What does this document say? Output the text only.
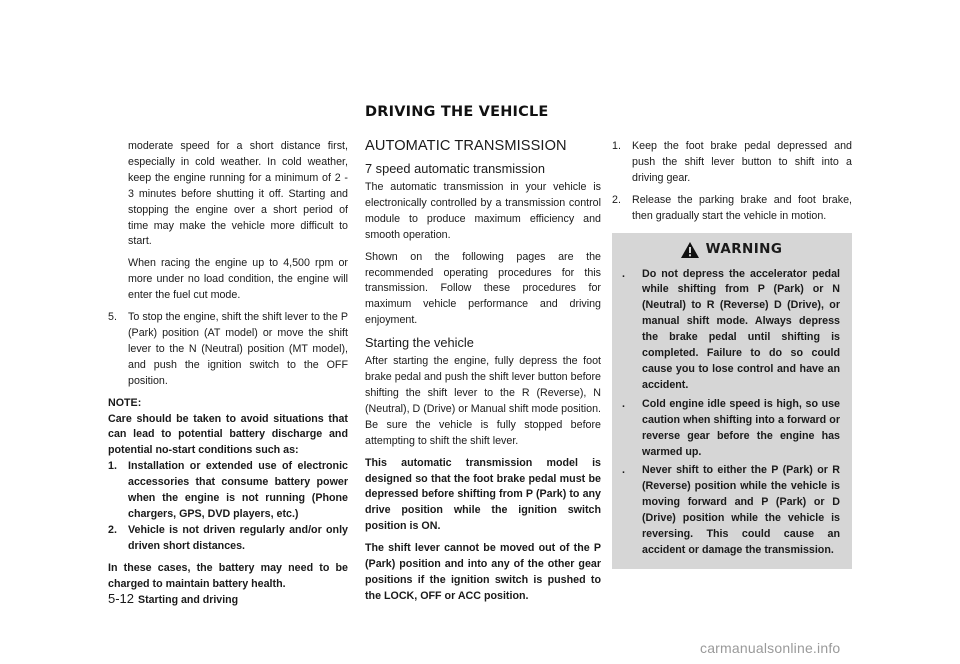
DRIVING THE VEHICLE

moderate speed for a short distance first, especially in cold weather. In cold weather, keep the engine running for a minimum of 2 - 3 minutes before shutting it off. Starting and stopping the engine over a short period of time may make the vehicle more difficult to start.

When racing the engine up to 4,500 rpm or more under no load condition, the engine will enter the fuel cut mode.

5.	To stop the engine, shift the shift lever to the P (Park) position (AT model) or move the shift lever to the N (Neutral) position (MT model), and push the ignition switch to the OFF position.

NOTE:

Care should be taken to avoid situations that can lead to potential battery discharge and potential no-start conditions such as:

1.	Installation or extended use of electronic accessories that consume battery power when the engine is not running (Phone chargers, GPS, DVD players, etc.)
2.	Vehicle is not driven regularly and/or only driven short distances.

In these cases, the battery may need to be charged to maintain battery health.

AUTOMATIC TRANSMISSION
7 speed automatic transmission

The automatic transmission in your vehicle is electronically controlled by a transmission control module to produce maximum efficiency and smooth operation.

Shown on the following pages are the recommended operating procedures for this transmission. Follow these procedures for maximum vehicle performance and driving enjoyment.

Starting the vehicle

After starting the engine, fully depress the foot brake pedal and push the shift lever button before shifting the shift lever to the R (Reverse), N (Neutral), D (Drive) or Manual shift mode position. Be sure the vehicle is fully stopped before attempting to shift the shift lever.

This automatic transmission model is designed so that the foot brake pedal must be depressed before shifting from P (Park) to any drive position while the ignition switch position is ON.

The shift lever cannot be moved out of the P (Park) position and into any of the other gear positions if the ignition switch is pushed to the LOCK, OFF or ACC position.

1.	Keep the foot brake pedal depressed and push the shift lever button to shift into a driving gear.
2.	Release the parking brake and foot brake, then gradually start the vehicle in motion.
WARNING
.	Do not depress the accelerator pedal while shifting from P (Park) or N (Neutral) to R (Reverse) D (Drive), or manual shift mode. Always depress the brake pedal until shifting is completed. Failure to do so could cause you to lose control and have an accident.
.	Cold engine idle speed is high, so use caution when shifting into a forward or reverse gear before the engine has warmed up.
.	Never shift to either the P (Park) or R (Reverse) position while the vehicle is moving forward and P (Park) or D (Drive) position while the vehicle is reversing. This could cause an accident or damage the transmission.
5-12 Starting and driving
carmanualsonline.info
